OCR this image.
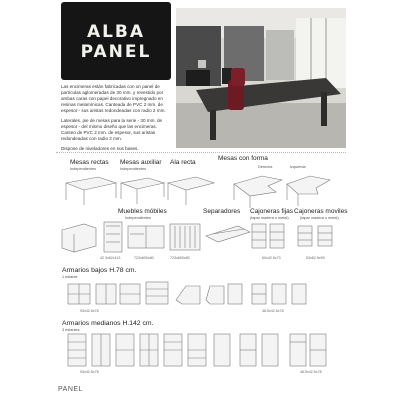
ALBA
PANEL

Las encimeras están fabricadas con un panel de partículas aglomeradas de 30 mm. y revestido por ambas caras con papel decorativo impregnado en resinas melamínicas. Canteada de PVC 2 mm. de espesor - sus aristas redondeadas con radio 2 mm.

Laterales, pie de mesas para la serie - 30 mm. de espesor - del mismo diseño que las encimeras. Canteo de PVC 2 mm. de espesor, sus aristas redondeadas con radio 2 mm.

Dispone de niveladores en sus bases.

Mesas rectas
Independientes
Mesas auxiliar
Independientes
Ala recta
Mesas con forma
Derecha	Izquierda
Muebles móbiles
Independientes
Separadores Cajoneras fijas
(tapar madera o metal)
Cajoneras moviles
(tapar madera o metal)
42 3x62x113	723x600x80	723x600x80	60x42.5x73	53x62.5x59
Armarios bajos H.78 cm.
1 estante
93x42.5x78	46.5x42.5x78
Armarios medianos H.142 cm.
3 estantes
93x42.5x78	46.5x42.5x78
PANEL
